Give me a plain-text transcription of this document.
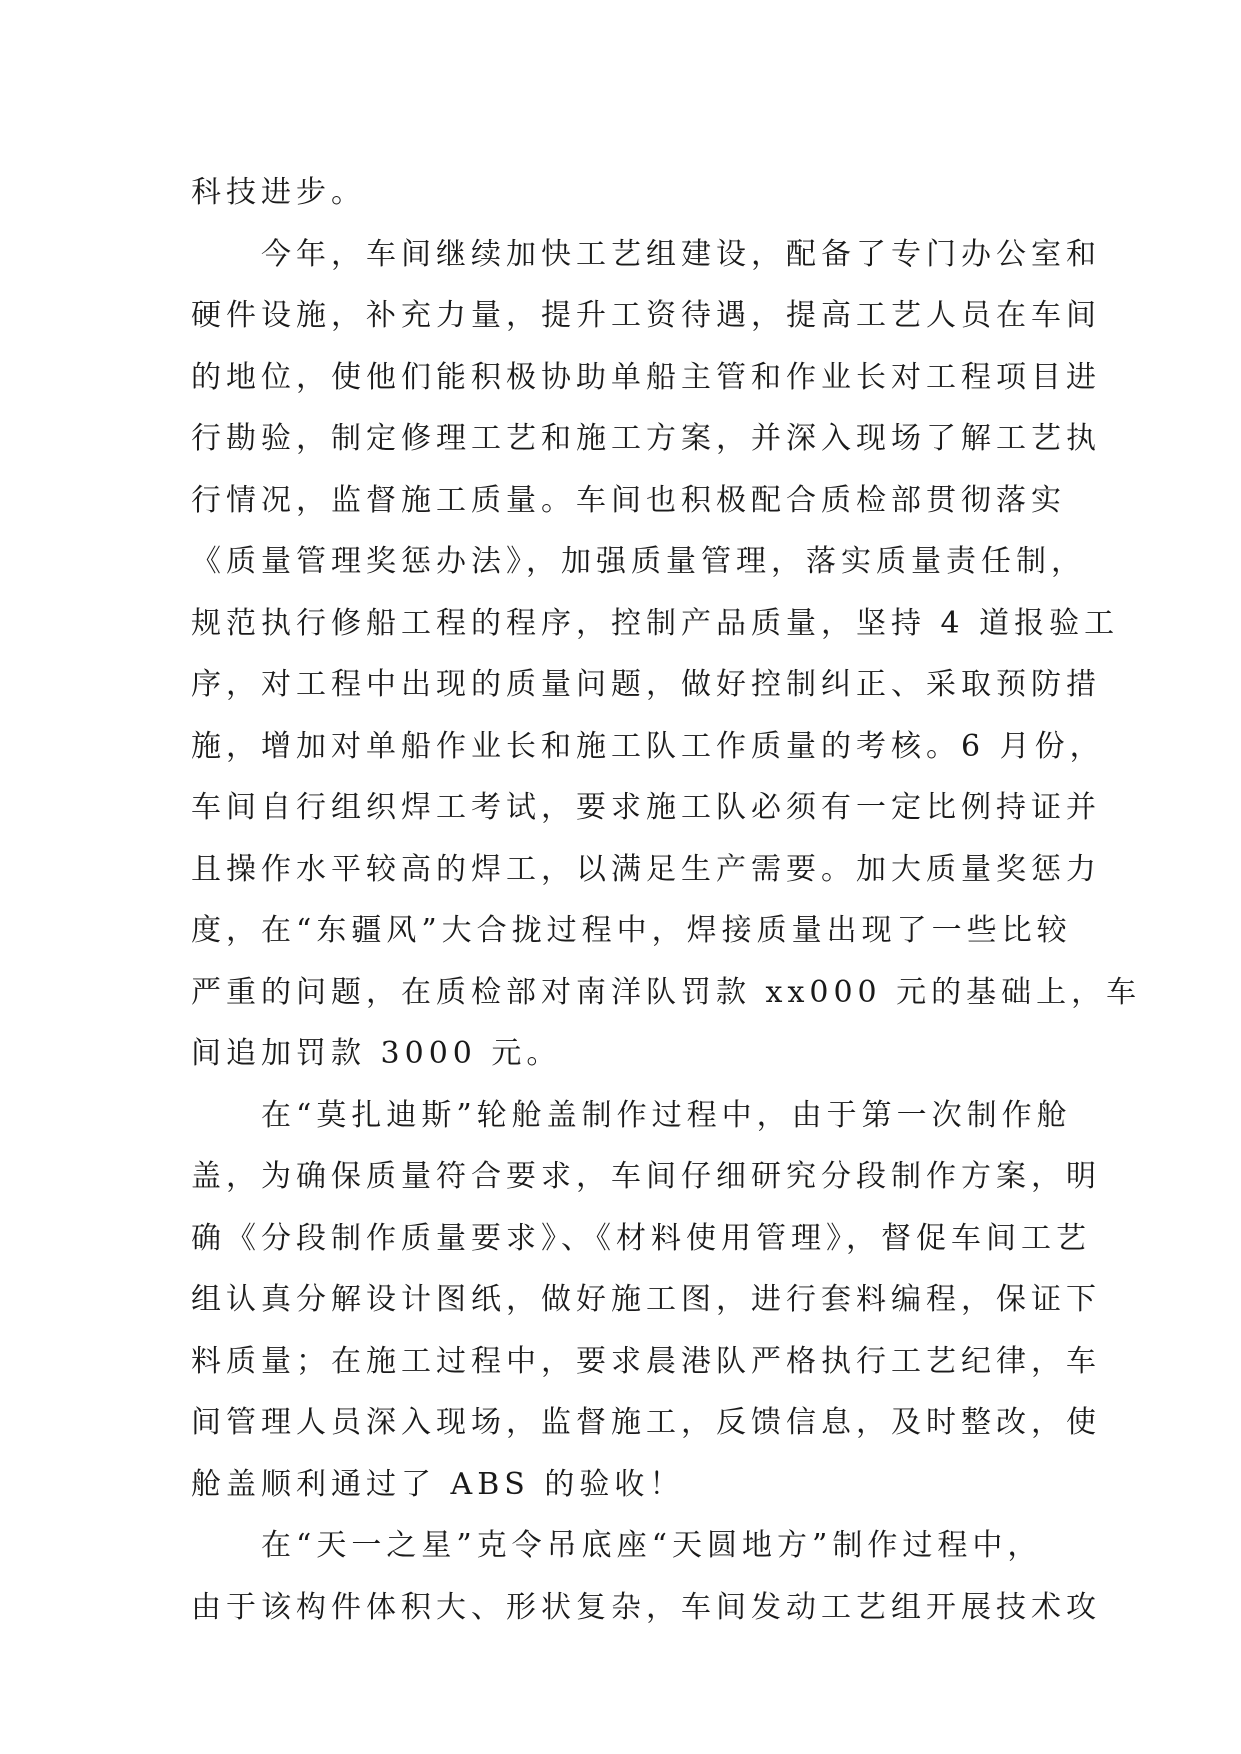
科技进步。
　　今年，车间继续加快工艺组建设，配备了专门办公室和
硬件设施，补充力量，提升工资待遇，提高工艺人员在车间
的地位，使他们能积极协助单船主管和作业长对工程项目进
行勘验，制定修理工艺和施工方案，并深入现场了解工艺执
行情况，监督施工质量。车间也积极配合质检部贯彻落实
《质量管理奖惩办法》，加强质量管理，落实质量责任制，
规范执行修船工程的程序，控制产品质量，坚持 4 道报验工
序，对工程中出现的质量问题，做好控制纠正、采取预防措
施，增加对单船作业长和施工队工作质量的考核。6 月份，
车间自行组织焊工考试，要求施工队必须有一定比例持证并
且操作水平较高的焊工，以满足生产需要。加大质量奖惩力
度，在“东疆风”大合拢过程中，焊接质量出现了一些比较
严重的问题，在质检部对南洋队罚款 xx000 元的基础上，车
间追加罚款 3000 元。
　　在“莫扎迪斯”轮舱盖制作过程中，由于第一次制作舱
盖，为确保质量符合要求，车间仔细研究分段制作方案，明
确《分段制作质量要求》、《材料使用管理》，督促车间工艺
组认真分解设计图纸，做好施工图，进行套料编程，保证下
料质量；在施工过程中，要求晨港队严格执行工艺纪律，车
间管理人员深入现场，监督施工，反馈信息，及时整改，使
舱盖顺利通过了 ABS 的验收！
　　在“天一之星”克令吊底座“天圆地方”制作过程中，
由于该构件体积大、形状复杂，车间发动工艺组开展技术攻
